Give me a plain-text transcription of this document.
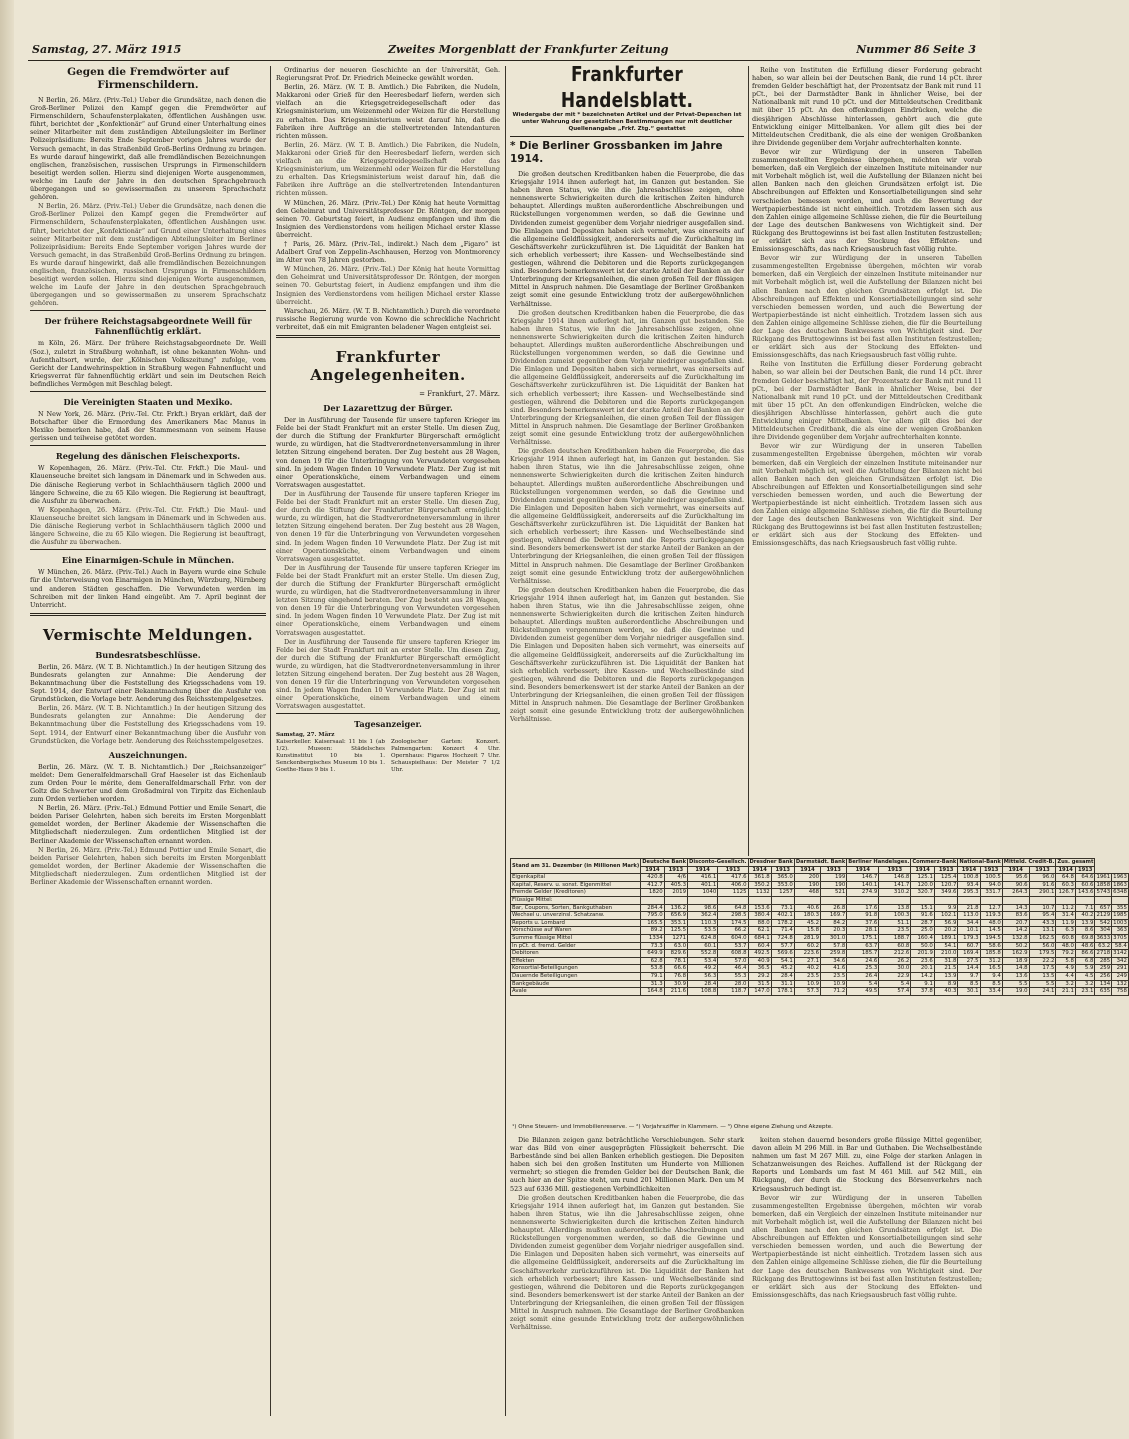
Samstag, 27. März 1915	Zweites Morgenblatt der Frankfurter Zeitung	Nummer 86 Seite 3
Gegen die Fremdwörter auf Firmenschildern.

N Berlin, 26. März. (Priv.-Tel.) Ueber die Grundsätze, nach denen die Groß-Berliner Polizei den Kampf gegen die Fremdwörter auf Firmenschildern, Schaufensterplakaten, öffentlichen Aushängen usw. führt, berichtet der „Konfektionär“ auf Grund einer Unterhaltung eines seiner Mitarbeiter mit dem zuständigen Abteilungsleiter im Berliner Polizeipräsidium: Bereits Ende September vorigen Jahres wurde der Versuch gemacht, in das Straßenbild Groß-Berlins Ordnung zu bringen. Es wurde darauf hingewirkt, daß alle fremdländischen Bezeichnungen englischen, französischen, russischen Ursprungs in Firmenschildern beseitigt werden sollen. Hierzu sind diejenigen Worte ausgenommen, welche im Laufe der Jahre in den deutschen Sprachgebrauch übergegangen und so gewissermaßen zu unserem Sprachschatz gehören.

N Berlin, 26. März. (Priv.-Tel.) Ueber die Grundsätze, nach denen die Groß-Berliner Polizei den Kampf gegen die Fremdwörter auf Firmenschildern, Schaufensterplakaten, öffentlichen Aushängen usw. führt, berichtet der „Konfektionär“ auf Grund einer Unterhaltung eines seiner Mitarbeiter mit dem zuständigen Abteilungsleiter im Berliner Polizeipräsidium: Bereits Ende September vorigen Jahres wurde der Versuch gemacht, in das Straßenbild Groß-Berlins Ordnung zu bringen. Es wurde darauf hingewirkt, daß alle fremdländischen Bezeichnungen englischen, französischen, russischen Ursprungs in Firmenschildern beseitigt werden sollen. Hierzu sind diejenigen Worte ausgenommen, welche im Laufe der Jahre in den deutschen Sprachgebrauch übergegangen und so gewissermaßen zu unserem Sprachschatz gehören.

Der frühere Reichstagsabgeordnete Weill für Fahnenflüchtig erklärt.

m Köln, 26. März. Der frühere Reichstagsabgeordnete Dr. Weill (Soz.), zuletzt in Straßburg wohnhaft, ist ohne bekannten Wohn- und Aufenthaltsort, wurde, der „Kölnischen Volkszeitung“ zufolge, vom Gericht der Landwehrinspektion in Straßburg wegen Fahnenflucht und Kriegsverrat für fahnenflüchtig erklärt und sein im Deutschen Reich befindliches Vermögen mit Beschlag belegt.

Die Vereinigten Staaten und Mexiko.

N New York, 26. März. (Priv.-Tel. Ctr. Frkft.) Bryan erklärt, daß der Botschafter über die Ermordung des Amerikaners Mac Manus in Mexiko bemerken habe, daß der Stammesmann von seinem Hause gerissen und teilweise getötet worden.

Regelung des dänischen Fleischexports.

W Kopenhagen, 26. März. (Priv.-Tel. Ctr. Frkft.) Die Maul- und Klauenseuche breitet sich langsam in Dänemark und in Schweden aus. Die dänische Regierung verbot in Schlachthäusern täglich 2000 und längere Schweine, die zu 65 Kilo wiegen. Die Regierung ist beauftragt, die Ausfuhr zu überwachen.

W Kopenhagen, 26. März. (Priv.-Tel. Ctr. Frkft.) Die Maul- und Klauenseuche breitet sich langsam in Dänemark und in Schweden aus. Die dänische Regierung verbot in Schlachthäusern täglich 2000 und längere Schweine, die zu 65 Kilo wiegen. Die Regierung ist beauftragt, die Ausfuhr zu überwachen.

Eine Einarmigen-Schule in München.

W München, 26. März. (Priv.-Tel.) Auch in Bayern wurde eine Schule für die Unterweisung von Einarmigen in München, Würzburg, Nürnberg und anderen Städten geschaffen. Die Verwundeten werden im Schreiben mit der linken Hand eingeübt. Am 7. April beginnt der Unterricht.

Vermischte Meldungen.
Bundesratsbeschlüsse.

Berlin, 26. März. (W. T. B. Nichtamtlich.) In der heutigen Sitzung des Bundesrats gelangten zur Annahme: Die Aenderung der Bekanntmachung über die Feststellung des Kriegsschadens vom 19. Sept. 1914, der Entwurf einer Bekanntmachung über die Ausfuhr von Grundstücken, die Vorlage betr. Aenderung des Reichsstempelgesetzes.

Berlin, 26. März. (W. T. B. Nichtamtlich.) In der heutigen Sitzung des Bundesrats gelangten zur Annahme: Die Aenderung der Bekanntmachung über die Feststellung des Kriegsschadens vom 19. Sept. 1914, der Entwurf einer Bekanntmachung über die Ausfuhr von Grundstücken, die Vorlage betr. Aenderung des Reichsstempelgesetzes.

Auszeichnungen.

Berlin, 26. März. (W. T. B. Nichtamtlich.) Der „Reichsanzeiger“ meldet: Dem Generalfeldmarschall Graf Haeseler ist das Eichenlaub zum Orden Pour le mérite, dem Generalfeldmarschall Frhr. von der Goltz die Schwerter und dem Großadmiral von Tirpitz das Eichenlaub zum Orden verliehen worden.

N Berlin, 26. März. (Priv.-Tel.) Edmund Pottier und Emile Senart, die beiden Pariser Gelehrten, haben sich bereits im Ersten Morgenblatt gemeldet worden, der Berliner Akademie der Wissenschaften die Mitgliedschaft niederzulegen. Zum ordentlichen Mitglied ist der Berliner Akademie der Wissenschaften ernannt worden.

N Berlin, 26. März. (Priv.-Tel.) Edmund Pottier und Emile Senart, die beiden Pariser Gelehrten, haben sich bereits im Ersten Morgenblatt gemeldet worden, der Berliner Akademie der Wissenschaften die Mitgliedschaft niederzulegen. Zum ordentlichen Mitglied ist der Berliner Akademie der Wissenschaften ernannt worden.

Ordinarius der neueren Geschichte an der Universität, Geh. Regierungsrat Prof. Dr. Friedrich Meinecke gewählt worden.

Berlin, 26. März. (W. T. B. Amtlich.) Die Fabriken, die Nudeln, Makkaroni oder Grieß für den Heeresbedarf liefern, werden sich vielfach an die Kriegsgetreidegesellschaft oder das Kriegsministerium, um Weizenmehl oder Weizen für die Herstellung zu erhalten. Das Kriegsministerium weist darauf hin, daß die Fabriken ihre Aufträge an die stellvertretenden Intendanturen richten müssen.

Berlin, 26. März. (W. T. B. Amtlich.) Die Fabriken, die Nudeln, Makkaroni oder Grieß für den Heeresbedarf liefern, werden sich vielfach an die Kriegsgetreidegesellschaft oder das Kriegsministerium, um Weizenmehl oder Weizen für die Herstellung zu erhalten. Das Kriegsministerium weist darauf hin, daß die Fabriken ihre Aufträge an die stellvertretenden Intendanturen richten müssen.

W München, 26. März. (Priv.-Tel.) Der König hat heute Vormittag den Geheimrat und Universitätsprofessor Dr. Röntgen, der morgen seinen 70. Geburtstag feiert, in Audienz empfangen und ihm die Insignien des Verdienstordens vom heiligen Michael erster Klasse überreicht.

† Paris, 26. März. (Priv.-Tel., indirekt.) Nach dem „Figaro“ ist Adalbert Graf von Zeppelin-Aschhausen, Herzog von Montmorency im Alter von 78 Jahren gestorben.

W München, 26. März. (Priv.-Tel.) Der König hat heute Vormittag den Geheimrat und Universitätsprofessor Dr. Röntgen, der morgen seinen 70. Geburtstag feiert, in Audienz empfangen und ihm die Insignien des Verdienstordens vom heiligen Michael erster Klasse überreicht.

Warschau, 26. März. (W. T. B. Nichtamtlich.) Durch die verordnete russische Regierung wurde von Kowno die schreckliche Nachricht verbreitet, daß ein mit Emigranten beladener Wagen entgleist sei.

Frankfurter Angelegenheiten.
= Frankfurt, 27. März.
Der Lazarettzug der Bürger.

Der in Ausführung der Tausende für unsere tapferen Krieger im Felde bei der Stadt Frankfurt mit an erster Stelle. Um diesen Zug, der durch die Stiftung der Frankfurter Bürgerschaft ermöglicht wurde, zu würdigen, hat die Stadtverordnetenversammlung in ihrer letzten Sitzung eingehend beraten. Der Zug besteht aus 28 Wagen, von denen 19 für die Unterbringung von Verwundeten vorgesehen sind. In jedem Wagen finden 10 Verwundete Platz. Der Zug ist mit einer Operationsküche, einem Verbandwagen und einem Vorratswagen ausgestattet.

Der in Ausführung der Tausende für unsere tapferen Krieger im Felde bei der Stadt Frankfurt mit an erster Stelle. Um diesen Zug, der durch die Stiftung der Frankfurter Bürgerschaft ermöglicht wurde, zu würdigen, hat die Stadtverordnetenversammlung in ihrer letzten Sitzung eingehend beraten. Der Zug besteht aus 28 Wagen, von denen 19 für die Unterbringung von Verwundeten vorgesehen sind. In jedem Wagen finden 10 Verwundete Platz. Der Zug ist mit einer Operationsküche, einem Verbandwagen und einem Vorratswagen ausgestattet.

Der in Ausführung der Tausende für unsere tapferen Krieger im Felde bei der Stadt Frankfurt mit an erster Stelle. Um diesen Zug, der durch die Stiftung der Frankfurter Bürgerschaft ermöglicht wurde, zu würdigen, hat die Stadtverordnetenversammlung in ihrer letzten Sitzung eingehend beraten. Der Zug besteht aus 28 Wagen, von denen 19 für die Unterbringung von Verwundeten vorgesehen sind. In jedem Wagen finden 10 Verwundete Platz. Der Zug ist mit einer Operationsküche, einem Verbandwagen und einem Vorratswagen ausgestattet.

Der in Ausführung der Tausende für unsere tapferen Krieger im Felde bei der Stadt Frankfurt mit an erster Stelle. Um diesen Zug, der durch die Stiftung der Frankfurter Bürgerschaft ermöglicht wurde, zu würdigen, hat die Stadtverordnetenversammlung in ihrer letzten Sitzung eingehend beraten. Der Zug besteht aus 28 Wagen, von denen 19 für die Unterbringung von Verwundeten vorgesehen sind. In jedem Wagen finden 10 Verwundete Platz. Der Zug ist mit einer Operationsküche, einem Verbandwagen und einem Vorratswagen ausgestattet.

Tagesanzeiger.
Samstag, 27. März
Kaiserkeller. Kaisersaal: 11 bis 1 (ab 1/2). Museen: Städelsches Kunstinstitut 10 bis 1. Senckenbergisches Museum 10 bis 1. Goethe-Haus 9 bis 1.
Zoologischer Garten: Konzert. Palmengarten: Konzert 4 Uhr. Opernhaus: Figaros Hochzeit 7 Uhr. Schauspielhaus: Der Meister 7 1/2 Uhr.
Frankfurter Handelsblatt.
Wiedergabe der mit * bezeichneten Artikel und der Privat-Depeschen ist unter Wahrung der gesetzlichen Bestimmungen nur mit deutlicher Quellenangabe „Frkf. Ztg.“ gestattet
* Die Berliner Grossbanken im Jahre 1914.

Die großen deutschen Kreditbanken haben die Feuerprobe, die das Kriegsjahr 1914 ihnen auferlegt hat, im Ganzen gut bestanden. Sie haben ihren Status, wie ihn die Jahresabschlüsse zeigen, ohne nennenswerte Schwierigkeiten durch die kritischen Zeiten hindurch behauptet. Allerdings mußten außerordentliche Abschreibungen und Rückstellungen vorgenommen werden, so daß die Gewinne und Dividenden zumeist gegenüber dem Vorjahr niedriger ausgefallen sind. Die Einlagen und Depositen haben sich vermehrt, was einerseits auf die allgemeine Geldflüssigkeit, andererseits auf die Zurückhaltung im Geschäftsverkehr zurückzuführen ist. Die Liquidität der Banken hat sich erheblich verbessert; ihre Kassen- und Wechselbestände sind gestiegen, während die Debitoren und die Reports zurückgegangen sind. Besonders bemerkenswert ist der starke Anteil der Banken an der Unterbringung der Kriegsanleihen, die einen großen Teil der flüssigen Mittel in Anspruch nahmen. Die Gesamtlage der Berliner Großbanken zeigt somit eine gesunde Entwicklung trotz der außergewöhnlichen Verhältnisse.

Die großen deutschen Kreditbanken haben die Feuerprobe, die das Kriegsjahr 1914 ihnen auferlegt hat, im Ganzen gut bestanden. Sie haben ihren Status, wie ihn die Jahresabschlüsse zeigen, ohne nennenswerte Schwierigkeiten durch die kritischen Zeiten hindurch behauptet. Allerdings mußten außerordentliche Abschreibungen und Rückstellungen vorgenommen werden, so daß die Gewinne und Dividenden zumeist gegenüber dem Vorjahr niedriger ausgefallen sind. Die Einlagen und Depositen haben sich vermehrt, was einerseits auf die allgemeine Geldflüssigkeit, andererseits auf die Zurückhaltung im Geschäftsverkehr zurückzuführen ist. Die Liquidität der Banken hat sich erheblich verbessert; ihre Kassen- und Wechselbestände sind gestiegen, während die Debitoren und die Reports zurückgegangen sind. Besonders bemerkenswert ist der starke Anteil der Banken an der Unterbringung der Kriegsanleihen, die einen großen Teil der flüssigen Mittel in Anspruch nahmen. Die Gesamtlage der Berliner Großbanken zeigt somit eine gesunde Entwicklung trotz der außergewöhnlichen Verhältnisse.

Die großen deutschen Kreditbanken haben die Feuerprobe, die das Kriegsjahr 1914 ihnen auferlegt hat, im Ganzen gut bestanden. Sie haben ihren Status, wie ihn die Jahresabschlüsse zeigen, ohne nennenswerte Schwierigkeiten durch die kritischen Zeiten hindurch behauptet. Allerdings mußten außerordentliche Abschreibungen und Rückstellungen vorgenommen werden, so daß die Gewinne und Dividenden zumeist gegenüber dem Vorjahr niedriger ausgefallen sind. Die Einlagen und Depositen haben sich vermehrt, was einerseits auf die allgemeine Geldflüssigkeit, andererseits auf die Zurückhaltung im Geschäftsverkehr zurückzuführen ist. Die Liquidität der Banken hat sich erheblich verbessert; ihre Kassen- und Wechselbestände sind gestiegen, während die Debitoren und die Reports zurückgegangen sind. Besonders bemerkenswert ist der starke Anteil der Banken an der Unterbringung der Kriegsanleihen, die einen großen Teil der flüssigen Mittel in Anspruch nahmen. Die Gesamtlage der Berliner Großbanken zeigt somit eine gesunde Entwicklung trotz der außergewöhnlichen Verhältnisse.

Die großen deutschen Kreditbanken haben die Feuerprobe, die das Kriegsjahr 1914 ihnen auferlegt hat, im Ganzen gut bestanden. Sie haben ihren Status, wie ihn die Jahresabschlüsse zeigen, ohne nennenswerte Schwierigkeiten durch die kritischen Zeiten hindurch behauptet. Allerdings mußten außerordentliche Abschreibungen und Rückstellungen vorgenommen werden, so daß die Gewinne und Dividenden zumeist gegenüber dem Vorjahr niedriger ausgefallen sind. Die Einlagen und Depositen haben sich vermehrt, was einerseits auf die allgemeine Geldflüssigkeit, andererseits auf die Zurückhaltung im Geschäftsverkehr zurückzuführen ist. Die Liquidität der Banken hat sich erheblich verbessert; ihre Kassen- und Wechselbestände sind gestiegen, während die Debitoren und die Reports zurückgegangen sind. Besonders bemerkenswert ist der starke Anteil der Banken an der Unterbringung der Kriegsanleihen, die einen großen Teil der flüssigen Mittel in Anspruch nahmen. Die Gesamtlage der Berliner Großbanken zeigt somit eine gesunde Entwicklung trotz der außergewöhnlichen Verhältnisse.

Reihe von Instituten die Erfüllung dieser Forderung gebracht haben, so war allein bei der Deutschen Bank, die rund 14 pCt. ihrer fremden Gelder beschäftigt hat, der Prozentsatz der Bank mit rund 11 pCt., bei der Darmstädter Bank in ähnlicher Weise, bei der Nationalbank mit rund 10 pCt. und der Mitteldeutschen Creditbank mit über 15 pCt. An den offenkundigen Eindrücken, welche die diesjährigen Abschlüsse hinterlassen, gehört auch die gute Entwicklung einiger Mittelbanken. Vor allem gilt dies bei der Mitteldeutschen Creditbank, die als eine der wenigen Großbanken ihre Dividende gegenüber dem Vorjahr aufrechterhalten konnte.

Bevor wir zur Würdigung der in unseren Tabellen zusammengestellten Ergebnisse übergehen, möchten wir vorab bemerken, daß ein Vergleich der einzelnen Institute miteinander nur mit Vorbehalt möglich ist, weil die Aufstellung der Bilanzen nicht bei allen Banken nach den gleichen Grundsätzen erfolgt ist. Die Abschreibungen auf Effekten und Konsortialbeteiligungen sind sehr verschieden bemessen worden, und auch die Bewertung der Wertpapierbestände ist nicht einheitlich. Trotzdem lassen sich aus den Zahlen einige allgemeine Schlüsse ziehen, die für die Beurteilung der Lage des deutschen Bankwesens von Wichtigkeit sind. Der Rückgang des Bruttogewinns ist bei fast allen Instituten festzustellen; er erklärt sich aus der Stockung des Effekten- und Emissionsgeschäfts, das nach Kriegsausbruch fast völlig ruhte.

Bevor wir zur Würdigung der in unseren Tabellen zusammengestellten Ergebnisse übergehen, möchten wir vorab bemerken, daß ein Vergleich der einzelnen Institute miteinander nur mit Vorbehalt möglich ist, weil die Aufstellung der Bilanzen nicht bei allen Banken nach den gleichen Grundsätzen erfolgt ist. Die Abschreibungen auf Effekten und Konsortialbeteiligungen sind sehr verschieden bemessen worden, und auch die Bewertung der Wertpapierbestände ist nicht einheitlich. Trotzdem lassen sich aus den Zahlen einige allgemeine Schlüsse ziehen, die für die Beurteilung der Lage des deutschen Bankwesens von Wichtigkeit sind. Der Rückgang des Bruttogewinns ist bei fast allen Instituten festzustellen; er erklärt sich aus der Stockung des Effekten- und Emissionsgeschäfts, das nach Kriegsausbruch fast völlig ruhte.

Reihe von Instituten die Erfüllung dieser Forderung gebracht haben, so war allein bei der Deutschen Bank, die rund 14 pCt. ihrer fremden Gelder beschäftigt hat, der Prozentsatz der Bank mit rund 11 pCt., bei der Darmstädter Bank in ähnlicher Weise, bei der Nationalbank mit rund 10 pCt. und der Mitteldeutschen Creditbank mit über 15 pCt. An den offenkundigen Eindrücken, welche die diesjährigen Abschlüsse hinterlassen, gehört auch die gute Entwicklung einiger Mittelbanken. Vor allem gilt dies bei der Mitteldeutschen Creditbank, die als eine der wenigen Großbanken ihre Dividende gegenüber dem Vorjahr aufrechterhalten konnte.

Bevor wir zur Würdigung der in unseren Tabellen zusammengestellten Ergebnisse übergehen, möchten wir vorab bemerken, daß ein Vergleich der einzelnen Institute miteinander nur mit Vorbehalt möglich ist, weil die Aufstellung der Bilanzen nicht bei allen Banken nach den gleichen Grundsätzen erfolgt ist. Die Abschreibungen auf Effekten und Konsortialbeteiligungen sind sehr verschieden bemessen worden, und auch die Bewertung der Wertpapierbestände ist nicht einheitlich. Trotzdem lassen sich aus den Zahlen einige allgemeine Schlüsse ziehen, die für die Beurteilung der Lage des deutschen Bankwesens von Wichtigkeit sind. Der Rückgang des Bruttogewinns ist bei fast allen Instituten festzustellen; er erklärt sich aus der Stockung des Effekten- und Emissionsgeschäfts, das nach Kriegsausbruch fast völlig ruhte.

Stand am 31. Dezember (in Millionen Mark)	Deutsche Bank		Disconto-Gesellsch.		Dresdner Bank		Darmstädt. Bank		Berliner Handelsges.		Commerz-Bank		National-Bank		Mitteld. Credit-B.		Zus. gesamt			
	1914	1913	1914	1913	1914	1913	1914	1913	1914	1913	1914	1913	1914	1913	1914	1913	1914	1913		
Eigenkapital	420.8	4/6	416.1	417.6	361.8	365.0	200	199	146.7	146.8	125.1	125.4	100.8	100.5	95.6	96.0	64.8	64.6	1961	1963
Kapital, Reserv. u. sonst. Eigenmittel	412.7	405.3	401.1	406.0	350.2	353.0	190	190	140.1	141.7	120.0	120.7	93.4	94.0	90.6	91.6	60.3	60.6	1858	1863
Fremde Gelder (Kreditoren)	1820	2019	1040	1125	1132	1257	468	521	274.9	310.2	320.7	349.6	295.3	331.7	264.3	290.1	126.7	143.6	5743	6348
Flüssige Mittel:																				
Bar, Coupons, Sorten, Bankguthaben	284.4	136.2	98.6	64.8	153.6	73.1	40.6	26.8	17.6	13.8	15.1	9.9	21.8	12.7	14.3	10.7	11.2	7.1	657	355
Wechsel u. unverzinsl. Schatzanw.	795.0	656.9	362.4	298.5	380.4	402.1	180.3	169.7	91.8	100.3	91.6	102.1	113.0	119.3	83.6	95.4	31.4	40.2	2129	1985
Reports u. Lombard	165.5	353.1	110.3	174.5	88.0	178.2	45.2	84.2	37.6	51.1	28.7	56.9	34.4	48.0	20.7	43.3	11.9	13.9	542	1003
Vorschüsse auf Waren	89.2	125.5	53.5	66.2	62.1	71.4	15.8	20.3	28.1	23.5	25.0	20.2	10.1	14.5	14.2	13.1	6.3	8.6	304	363
Summe flüssige Mittel	1334	1271	624.8	604.0	684.1	724.8	281.9	301.0	175.1	188.7	160.4	189.1	179.3	194.5	132.8	162.5	60.8	69.8	3633	3705
In pCt. d. fremd. Gelder	73.3	63.0	60.1	53.7	60.4	57.7	60.2	57.8	63.7	60.8	50.0	54.1	60.7	58.6	50.2	56.0	48.0	48.6	63.2	58.4
Debitoren	649.9	829.6	552.8	608.8	492.5	569.6	223.6	259.8	185.7	212.6	201.9	210.0	169.4	185.8	162.9	179.5	79.2	86.6	2718	3142
Effekten	62.8	78.1	53.4	57.0	40.9	54.1	27.1	34.6	24.6	26.2	23.6	31.8	27.5	31.2	18.9	22.2	5.8	6.8	285	342
Konsortial-Beteiligungen	53.8	66.6	49.2	46.4	36.5	45.2	40.2	41.6	25.3	30.0	20.1	21.5	14.4	16.5	14.8	17.5	4.9	5.9	259	291
Dauernde Beteiligungen	79.1	76.8	56.3	55.3	29.2	28.4	23.5	23.5	26.4	22.9	14.2	13.9	9.7	9.4	13.6	13.5	4.4	4.5	256	249
Bankgebäude	31.3	30.9	28.4	28.0	31.5	31.1	10.9	10.9	5.4	5.4	9.1	8.9	8.5	8.5	5.5	5.5	3.2	3.2	134	132
Avale	164.8	211.6	108.8	118.7	147.0	178.1	57.3	71.2	49.5	57.4	37.8	40.3	30.1	33.4	19.0	24.1	21.1	23.1	635	758
¹) Ohne Steuern- und Immobilienreserve. — ²) Vorjahrsziffer in Klammern. — ³) Ohne eigene Ziehung und Akzepte.

Die Bilanzen zeigen ganz beträchtliche Verschiebungen. Sehr stark war das Bild von einer ausgeprägten Flüssigkeit beherrscht. Die Barbestände sind bei allen Banken erheblich gestiegen. Die Depositen haben sich bei den großen Instituten um Hunderte von Millionen vermehrt; so stiegen die fremden Gelder bei der Deutschen Bank, die auch hier an der Spitze steht, um rund 201 Millionen Mark. Den um M 523 auf 6336 Mill. gestiegenen Verbindlichkeiten

Die großen deutschen Kreditbanken haben die Feuerprobe, die das Kriegsjahr 1914 ihnen auferlegt hat, im Ganzen gut bestanden. Sie haben ihren Status, wie ihn die Jahresabschlüsse zeigen, ohne nennenswerte Schwierigkeiten durch die kritischen Zeiten hindurch behauptet. Allerdings mußten außerordentliche Abschreibungen und Rückstellungen vorgenommen werden, so daß die Gewinne und Dividenden zumeist gegenüber dem Vorjahr niedriger ausgefallen sind. Die Einlagen und Depositen haben sich vermehrt, was einerseits auf die allgemeine Geldflüssigkeit, andererseits auf die Zurückhaltung im Geschäftsverkehr zurückzuführen ist. Die Liquidität der Banken hat sich erheblich verbessert; ihre Kassen- und Wechselbestände sind gestiegen, während die Debitoren und die Reports zurückgegangen sind. Besonders bemerkenswert ist der starke Anteil der Banken an der Unterbringung der Kriegsanleihen, die einen großen Teil der flüssigen Mittel in Anspruch nahmen. Die Gesamtlage der Berliner Großbanken zeigt somit eine gesunde Entwicklung trotz der außergewöhnlichen Verhältnisse.

keiten stehen dauernd besonders große flüssige Mittel gegenüber, davon allein M 296 Mill. in Bar und Guthaben. Die Wechselbestände nahmen um fast M 267 Mill. zu, eine Folge der starken Anlagen in Schatzanweisungen des Reiches. Auffallend ist der Rückgang der Reports und Lombards um fast M 461 Mill. auf 542 Mill., ein Rückgang, der durch die Stockung des Börsenverkehrs nach Kriegsausbruch bedingt ist.

Bevor wir zur Würdigung der in unseren Tabellen zusammengestellten Ergebnisse übergehen, möchten wir vorab bemerken, daß ein Vergleich der einzelnen Institute miteinander nur mit Vorbehalt möglich ist, weil die Aufstellung der Bilanzen nicht bei allen Banken nach den gleichen Grundsätzen erfolgt ist. Die Abschreibungen auf Effekten und Konsortialbeteiligungen sind sehr verschieden bemessen worden, und auch die Bewertung der Wertpapierbestände ist nicht einheitlich. Trotzdem lassen sich aus den Zahlen einige allgemeine Schlüsse ziehen, die für die Beurteilung der Lage des deutschen Bankwesens von Wichtigkeit sind. Der Rückgang des Bruttogewinns ist bei fast allen Instituten festzustellen; er erklärt sich aus der Stockung des Effekten- und Emissionsgeschäfts, das nach Kriegsausbruch fast völlig ruhte.
